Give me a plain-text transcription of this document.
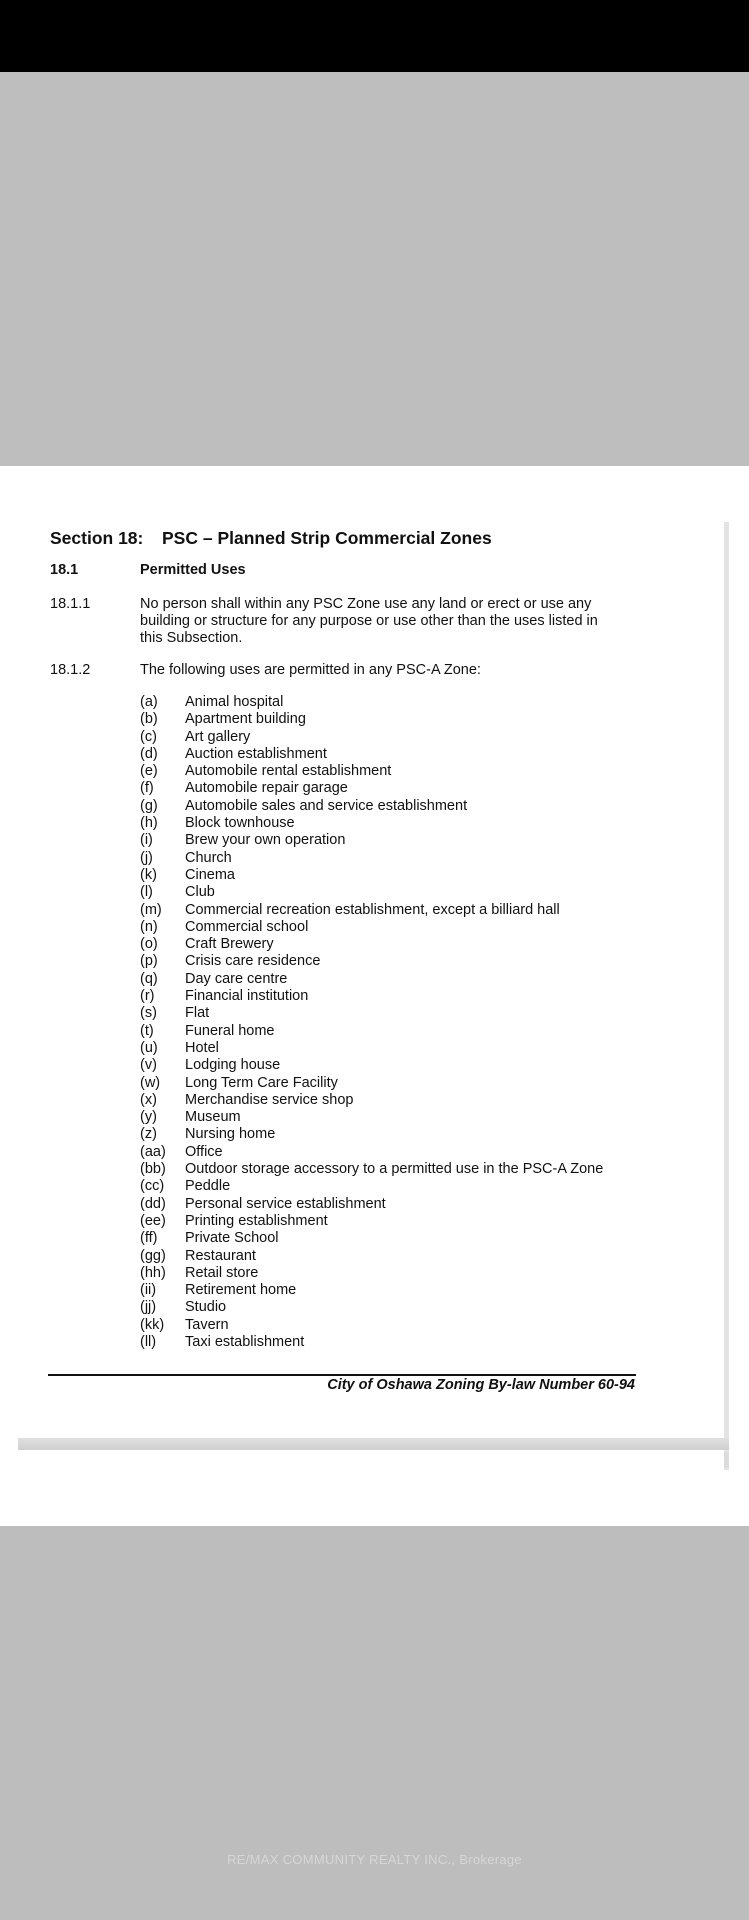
Section 18: PSC – Planned Strip Commercial Zones
18.1	Permitted Uses
18.1.1	No person shall within any PSC Zone use any land or erect or use any
building or structure for any purpose or use other than the uses listed in
this Subsection.
18.1.2	The following uses are permitted in any PSC-A Zone:
(a) Animal hospital
(b) Apartment building
(c) Art gallery
(d) Auction establishment
(e) Automobile rental establishment
(f) Automobile repair garage
(g) Automobile sales and service establishment
(h) Block townhouse
(i) Brew your own operation
(j) Church
(k) Cinema
(l) Club
(m) Commercial recreation establishment, except a billiard hall
(n) Commercial school
(o) Craft Brewery
(p) Crisis care residence
(q) Day care centre
(r) Financial institution
(s) Flat
(t) Funeral home
(u) Hotel
(v) Lodging house
(w) Long Term Care Facility
(x) Merchandise service shop
(y) Museum
(z) Nursing home
(aa) Office
(bb) Outdoor storage accessory to a permitted use in the PSC-A Zone
(cc) Peddle
(dd) Personal service establishment
(ee) Printing establishment
(ff) Private School
(gg) Restaurant
(hh) Retail store
(ii) Retirement home
(jj) Studio
(kk) Tavern
(ll) Taxi establishment
City of Oshawa Zoning By-law Number 60-94
RE/MAX COMMUNITY REALTY INC., Brokerage
